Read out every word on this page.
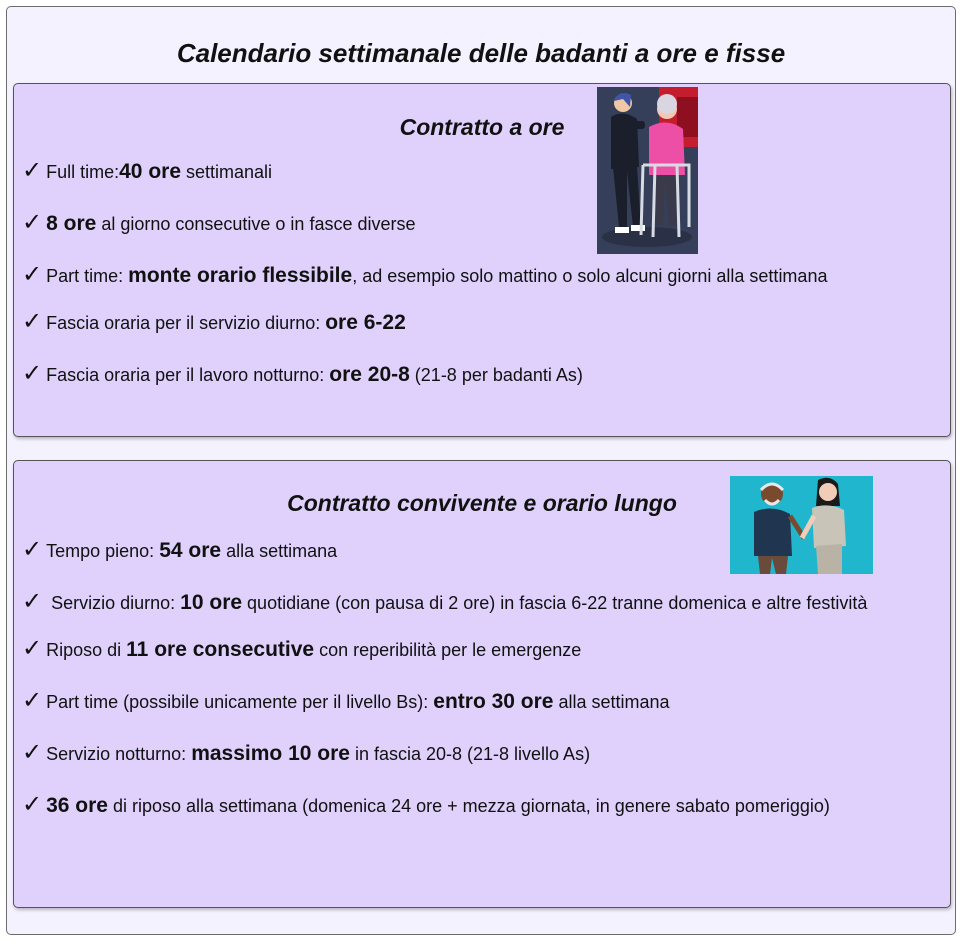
Calendario settimanale delle badanti a ore e fisse
Contratto a ore
✓ Full time:40 ore settimanali
✓ 8 ore al giorno consecutive o in fasce diverse
✓ Part time: monte orario flessibile, ad esempio solo mattino o solo alcuni giorni alla settimana
✓ Fascia oraria per il servizio diurno: ore 6-22
✓ Fascia oraria per il lavoro notturno: ore 20-8 (21-8 per badanti As)
Contratto convivente e orario lungo
✓ Tempo pieno: 54 ore alla settimana
✓ Servizio diurno: 10 ore quotidiane (con pausa di 2 ore) in fascia 6-22 tranne domenica e altre festività
✓ Riposo di 11 ore consecutive con reperibilità per le emergenze
✓ Part time (possibile unicamente per il livello Bs): entro 30 ore alla settimana
✓ Servizio notturno: massimo 10 ore in fascia 20-8 (21-8 livello As)
✓ 36 ore di riposo alla settimana (domenica 24 ore + mezza giornata, in genere sabato pomeriggio)
